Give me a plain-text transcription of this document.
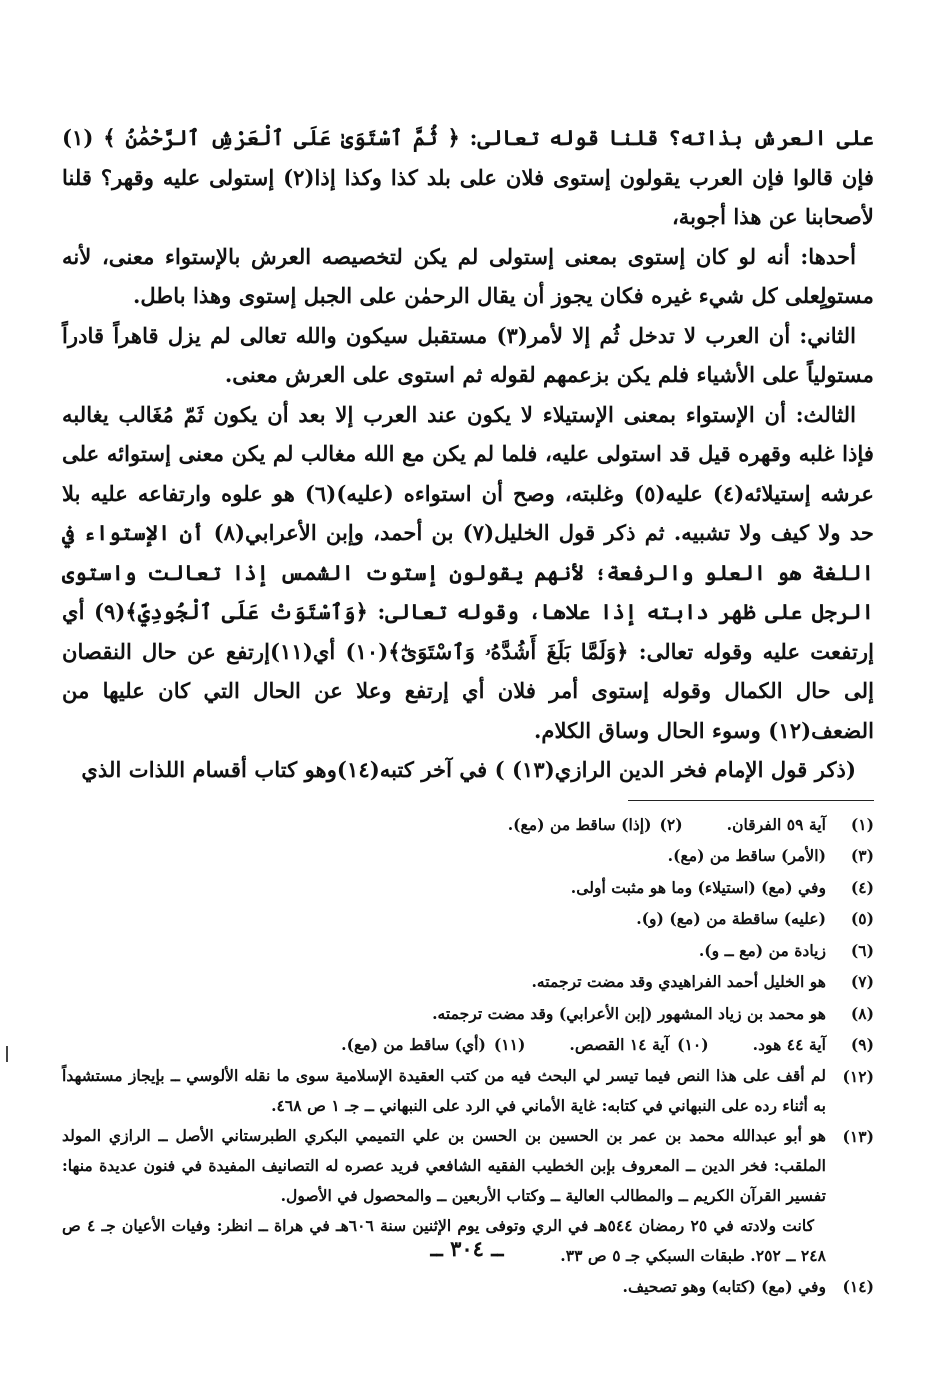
على العرش بذاته؟ قلنا قوله تعالى: ﴿ ثُمَّ ٱسْتَوَىٰ عَلَى ٱلْعَرْشِ ٱلرَّحْمَٰنُ ﴾ (١) فإن قالوا فإن العرب يقولون إستوى فلان على بلد كذا وكذا إذا(٢) إستولى عليه وقهر؟ قلنا لأصحابنا عن هذا أجوبة،

أحدها: أنه لو كان إستوى بمعنى إستولى لم يكن لتخصيصه العرش بالإستواء معنى، لأنه مستولٍعلى كل شيء غيره فكان يجوز أن يقال الرحمٰن على الجبل إستوى وهذا باطل.

الثاني: أن العرب لا تدخل ثُم إلا لأمر(٣) مستقبل سيكون والله تعالى لم يزل قاهراً قادراً مستولياً على الأشياء فلم يكن بزعمهم لقوله ثم استوى على العرش معنى.

الثالث: أن الإستواء بمعنى الإستيلاء لا يكون عند العرب إلا بعد أن يكون ثَمّ مُغَالب يغالبه فإذا غلبه وقهره قيل قد استولى عليه، فلما لم يكن مع الله مغالب لم يكن معنى إستوائه على عرشه إستيلائه(٤) عليه(٥) وغلبته، وصح أن استواءه (عليه)(٦) هو علوه وارتفاعه عليه بلا حد ولا كيف ولا تشبيه. ثم ذكر قول الخليل(٧) بن أحمد، وإبن الأعرابي(٨) أن الإستواء في اللغة هو العلو والرفعة؛ لأنهم يقولون إستوت الشمس إذا تعالت واستوى الرجل على ظهر دابته إذا علاها، وقوله تعالى: ﴿وَٱسْتَوَتْ عَلَى ٱلْجُودِيِّ﴾(٩) أي إرتفعت عليه وقوله تعالى: ﴿وَلَمَّا بَلَغَ أَشُدَّهُۥ وَٱسْتَوَىٰٓ﴾(١٠) أي(١١)إرتفع عن حال النقصان إلى حال الكمال وقوله إستوى أمر فلان أي إرتفع وعلا عن الحال التي كان عليها من الضعف(١٢) وسوء الحال وساق الكلام.

(ذكر قول الإمام فخر الدين الرازي(١٣) ) في آخر كتبه(١٤)وهو كتاب أقسام اللذات الذي

(١)
آية ٥٩ الفرقان.(٢)(إذا) ساقط من (مع).
(٣)
(الأمر) ساقط من (مع).
(٤)
وفي (مع) (استيلاء) وما هو مثبت أولى.
(٥)
(عليه) ساقطة من (مع) (و).
(٦)
زيادة من (مع ــ و).
(٧)
هو الخليل أحمد الفراهيدي وقد مضت ترجمته.
(٨)
هو محمد بن زياد المشهور (إبن الأعرابي) وقد مضت ترجمته.
(٩)
آية ٤٤ هود.(١٠)آية ١٤ القصص.(١١)(أي) ساقط من (مع).
(١٢)
لم أقف على هذا النص فيما تيسر لي البحث فيه من كتب العقيدة الإسلامية سوى ما نقله الألوسي ــ بإيجاز مستشهداً به أثناء رده على النبهاني في كتابه: غاية الأماني في الرد على النبهاني ــ جـ ١ ص ٤٦٨.
(١٣)
هو أبو عبدالله محمد بن عمر بن الحسين بن الحسن بن علي التميمي البكري الطبرستاني الأصل ــ الرازي المولد الملقب: فخر الدين ــ المعروف بإبن الخطيب الفقيه الشافعي فريد عصره له التصانيف المفيدة في فنون عديدة منها: تفسير القرآن الكريم ــ والمطالب العالية ــ وكتاب الأربعين ــ والمحصول في الأصول.
كانت ولادته في ٢٥ رمضان ٥٤٤هـ في الري وتوفى يوم الإثنين سنة ٦٠٦هـ في هراة ــ انظر: وفيات الأعيان جـ ٤ ص ٢٤٨ ــ ٢٥٢. طبقات السبكي جـ ٥ ص ٣٣.
(١٤)
وفي (مع) (كتابه) وهو تصحيف.
ــ ٣٠٤ ــ
